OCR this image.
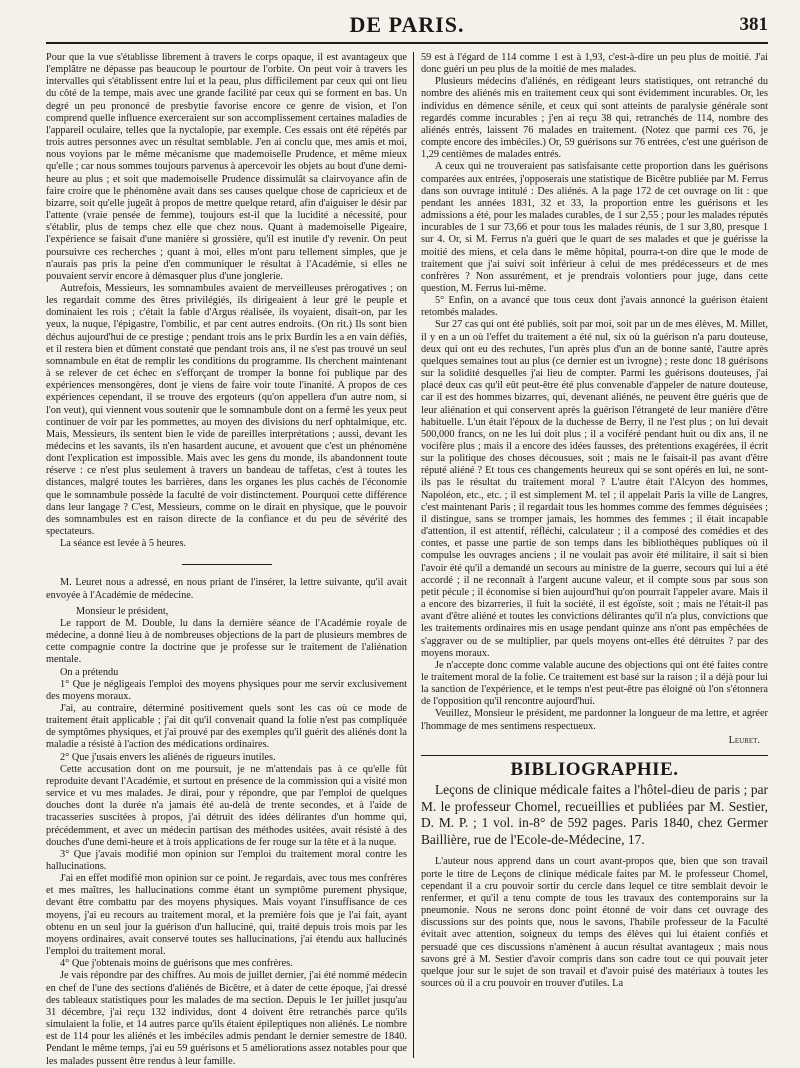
DE PARIS.	381

Pour que la vue s'établisse librement à travers le corps opaque, il est avantageux que l'emplâtre ne dépasse pas beaucoup le pourtour de l'orbite. On peut voir à travers les intervalles qui s'établissent entre lui et la peau, plus difficilement par ceux qui ont lieu du côté de la tempe, mais avec une grande facilité par ceux qui se forment en bas. Un degré un peu prononcé de presbytie favorise encore ce genre de vision, et l'on comprend quelle influence exerceraient sur son accomplissement certaines maladies de l'appareil oculaire, telles que la nyctalopie, par exemple. Ces essais ont été répétés par trois autres personnes avec un résultat semblable. J'en ai conclu que, mes amis et moi, nous voyions par le même mécanisme que mademoiselle Prudence, et même mieux qu'elle ; car nous sommes toujours parvenus à apercevoir les objets au bout d'une demi-heure au plus ; et soit que mademoiselle Prudence dissimulât sa clairvoyance afin de faire croire que le phénomène avait dans ses causes quelque chose de capricieux et de bizarre, soit qu'elle jugeât à propos de mettre quelque retard, afin d'aiguiser le désir par l'attente (vraie pensée de femme), toujours est-il que la lucidité a nécessité, pour s'établir, plus de temps chez elle que chez nous. Quant à mademoiselle Pigeaire, l'expérience se faisait d'une manière si grossière, qu'il est inutile d'y revenir. On peut poursuivre ces recherches ; quant à moi, elles m'ont paru tellement simples, que je n'aurais pas pris la peine d'en communiquer le résultat à l'Académie, si elles ne pouvaient servir encore à démasquer plus d'une jonglerie.

Autrefois, Messieurs, les somnambules avaient de merveilleuses prérogatives ; on les regardait comme des êtres privilégiés, ils dirigeaient à leur gré le peuple et dominaient les rois ; c'était la fable d'Argus réalisée, ils voyaient, disait-on, par les yeux, la nuque, l'épigastre, l'ombilic, et par cent autres endroits. (On rit.) Ils sont bien déchus aujourd'hui de ce prestige ; pendant trois ans le prix Burdin les a en vain défiés, et il restera bien et dûment constaté que pendant trois ans, il ne s'est pas trouvé un seul somnambule en état de remplir les conditions du programme. Ils cherchent maintenant à se relever de cet échec en s'efforçant de tromper la bonne foi publique par des expériences mensongères, dont je viens de faire voir toute l'inanité. A propos de ces expériences cependant, il se trouve des ergoteurs (qu'on appellera d'un autre nom, si l'on veut), qui viennent vous soutenir que le somnambule dont on a fermé les yeux peut continuer de voir par les pommettes, au moyen des divisions du nerf ophtalmique, etc. Mais, Messieurs, ils sentent bien le vide de pareilles interprétations ; aussi, devant les médecins et les savants, ils n'en hasardent aucune, et avouent que c'est un phénomène dont l'explication est impossible. Mais avec les gens du monde, ils abandonnent toute réserve : ce n'est plus seulement à travers un bandeau de taffetas, c'est à toutes les distances, malgré toutes les barrières, dans les organes les plus cachés de l'économie que le somnambule possède la faculté de voir distinctement. Pourquoi cette différence dans leur langage ? C'est, Messieurs, comme on le dirait en physique, que le pouvoir des somnambules est en raison directe de la confiance et du peu de sévérité des spectateurs.

La séance est levée à 5 heures.

M. Leuret nous a adressé, en nous priant de l'insérer, la lettre suivante, qu'il avait envoyée à l'Académie de médecine.

Monsieur le président,

Le rapport de M. Double, lu dans la dernière séance de l'Académie royale de médecine, a donné lieu à de nombreuses objections de la part de plusieurs membres de cette compagnie contre la doctrine que je professe sur le traitement de l'aliénation mentale.

On a prétendu

1° Que je négligeais l'emploi des moyens physiques pour me servir exclusivement des moyens moraux.

J'ai, au contraire, déterminé positivement quels sont les cas où ce mode de traitement était applicable ; j'ai dit qu'il convenait quand la folie n'est pas compliquée de symptômes physiques, et j'ai prouvé par des exemples qu'il guérit des aliénés dont la maladie a résisté à l'action des médications ordinaires.

2° Que j'usais envers les aliénés de rigueurs inutiles.

Cette accusation dont on me poursuit, je ne m'attendais pas à ce qu'elle fût reproduite devant l'Académie, et surtout en présence de la commission qui a visité mon service et vu mes malades. Je dirai, pour y répondre, que par l'emploi de quelques douches dont la durée n'a jamais été au-delà de trente secondes, et à l'aide de tracasseries suscitées à propos, j'ai détruit des idées délirantes d'un homme qui, précédemment, et avec un médecin partisan des méthodes usitées, avait résisté à des douches d'une demi-heure et à trois applications de fer rouge sur la tête et à la nuque.

3° Que j'avais modifié mon opinion sur l'emploi du traitement moral contre les hallucinations.

J'ai en effet modifié mon opinion sur ce point. Je regardais, avec tous mes confrères et mes maîtres, les hallucinations comme étant un symptôme purement physique, devant être combattu par des moyens physiques. Mais voyant l'insuffisance de ces moyens, j'ai eu recours au traitement moral, et la première fois que je l'ai fait, ayant obtenu en un seul jour la guérison d'un halluciné, qui, traité depuis trois mois par les moyens ordinaires, avait conservé toutes ses hallucinations, j'ai étendu aux hallucinés l'emploi du traitement moral.

4° Que j'obtenais moins de guérisons que mes confrères.

Je vais répondre par des chiffres. Au mois de juillet dernier, j'ai été nommé médecin en chef de l'une des sections d'aliénés de Bicêtre, et à dater de cette époque, j'ai dressé des tableaux statistiques pour les malades de ma section. Depuis le 1er juillet jusqu'au 31 décembre, j'ai reçu 132 individus, dont 4 doivent être retranchés parce qu'ils simulaient la folie, et 14 autres parce qu'ils étaient épileptiques non aliénés. Le nombre est de 114 pour les aliénés et les imbéciles admis pendant le dernier semestre de 1840. Pendant le même temps, j'ai eu 59 guérisons et 5 améliorations assez notables pour que les malades pussent être rendus à leur famille.

59 est à l'égard de 114 comme 1 est à 1,93, c'est-à-dire un peu plus de moitié. J'ai donc guéri un peu plus de la moitié de mes malades.

Plusieurs médecins d'aliénés, en rédigeant leurs statistiques, ont retranché du nombre des aliénés mis en traitement ceux qui sont évidemment incurables. Or, les individus en démence sénile, et ceux qui sont atteints de paralysie générale sont regardés comme incurables ; j'en ai reçu 38 qui, retranchés de 114, nombre des aliénés entrés, laissent 76 malades en traitement. (Notez que parmi ces 76, je compte encore des imbéciles.) Or, 59 guérisons sur 76 entrées, c'est une guérison de 1,29 centièmes de malades entrés.

A ceux qui ne trouveraient pas satisfaisante cette proportion dans les guérisons comparées aux entrées, j'opposerais une statistique de Bicêtre publiée par M. Ferrus dans son ouvrage intitulé : Des aliénés. A la page 172 de cet ouvrage on lit : que pendant les années 1831, 32 et 33, la proportion entre les guérisons et les admissions a été, pour les malades curables, de 1 sur 2,55 ; pour les malades réputés incurables de 1 sur 73,66 et pour tous les malades réunis, de 1 sur 3,80, presque 1 sur 4. Or, si M. Ferrus n'a guéri que le quart de ses malades et que je guérisse la moitié des miens, et cela dans le même hôpital, pourra-t-on dire que le mode de traitement que j'ai suivi soit inférieur à celui de mes prédécesseurs et de mes confrères ? Non assurément, et je prendrais volontiers pour juge, dans cette question, M. Ferrus lui-même.

5° Enfin, on a avancé que tous ceux dont j'avais annoncé la guérison étaient retombés malades.

Sur 27 cas qui ont été publiés, soit par moi, soit par un de mes élèves, M. Millet, il y en a un où l'effet du traitement a été nul, six où la guérison n'a paru douteuse, deux qui ont eu des rechutes, l'un après plus d'un an de bonne santé, l'autre après quelques semaines tout au plus (ce dernier est un ivrogne) ; reste donc 18 guérisons sur la solidité desquelles j'ai lieu de compter. Parmi les guérisons douteuses, j'ai placé deux cas qu'il eût peut-être été plus convenable d'appeler de nature douteuse, car il est des hommes bizarres, qui, devenant aliénés, ne peuvent être guéris que de leur aliénation et qui conservent après la guérison l'étrangeté de leur manière d'être habituelle. L'un était l'époux de la duchesse de Berry, il ne l'est plus ; on lui devait 500,000 francs, on ne les lui doit plus ; il a vociféré pendant huit ou dix ans, il ne vocifère plus ; mais il a encore des idées fausses, des prétentions exagérées, il écrit sur la politique des choses décousues, soit ; mais ne le faisait-il pas avant d'être réputé aliéné ? Et tous ces changements heureux qui se sont opérés en lui, ne sont-ils pas le résultat du traitement moral ? L'autre était l'Alcyon des hommes, Napoléon, etc., etc. ; il est simplement M. tel ; il appelait Paris la ville de Langres, c'est maintenant Paris ; il regardait tous les hommes comme des femmes déguisées ; il distingue, sans se tromper jamais, les hommes des femmes ; il était incapable d'attention, il est attentif, réfléchi, calculateur ; il a composé des comédies et des contes, et passe une partie de son temps dans les bibliothèques publiques où il compulse les ouvrages anciens ; il ne voulait pas avoir été militaire, il sait si bien l'avoir été qu'il a demandé un secours au ministre de la guerre, secours qui lui a été accordé ; il ne reconnaît à l'argent aucune valeur, et il compte sous par sous son petit pécule ; il économise si bien aujourd'hui qu'on pourrait l'appeler avare. Mais il a encore des bizarreries, il fuit la société, il est égoïste, soit ; mais ne l'était-il pas avant d'être aliéné et toutes les convictions délirantes qu'il n'a plus, convictions que les traitements ordinaires mis en usage pendant quinze ans n'ont pas empêchées de s'aggraver ou de se multiplier, par quels moyens ont-elles été détruites ? par des moyens moraux.

Je n'accepte donc comme valable aucune des objections qui ont été faites contre le traitement moral de la folie. Ce traitement est basé sur la raison ; il a déjà pour lui la sanction de l'expérience, et le temps n'est peut-être pas éloigné où l'on s'étonnera de l'opposition qu'il rencontre aujourd'hui.

Veuillez, Monsieur le président, me pardonner la longueur de ma lettre, et agréer l'hommage de mes sentimens respectueux.

Leuret.
BIBLIOGRAPHIE.
Leçons de clinique médicale faites a l'hôtel-dieu de paris ; par M. le professeur Chomel, recueillies et publiées par M. Sestier, D. M. P. ; 1 vol. in-8° de 592 pages. Paris 1840, chez Germer Baillière, rue de l'Ecole-de-Médecine, 17.

L'auteur nous apprend dans un court avant-propos que, bien que son travail porte le titre de Leçons de clinique médicale faites par M. le professeur Chomel, cependant il a cru pouvoir sortir du cercle dans lequel ce titre semblait devoir le renfermer, et qu'il a tenu compte de tous les travaux des contemporains sur la pneumonie. Nous ne serons donc point étonné de voir dans cet ouvrage des discussions sur des points que, nous le savons, l'habile professeur de la Faculté évitait avec attention, soigneux du temps des élèves qui lui étaient confiés et persuadé que ces discussions n'amènent à aucun résultat avantageux ; mais nous savons gré à M. Sestier d'avoir compris dans son cadre tout ce qui pouvait jeter quelque jour sur le sujet de son travail et d'avoir puisé des matériaux à toutes les sources où il a cru pouvoir en trouver d'utiles. La
